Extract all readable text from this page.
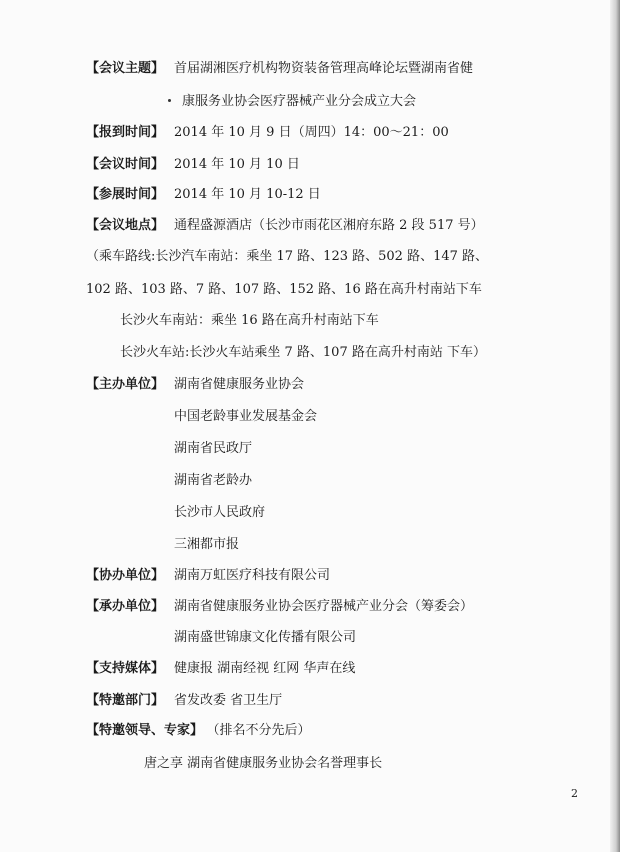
【会议主题】 首届湖湘医疗机构物资装备管理高峰论坛暨湖南省健
康服务业协会医疗器械产业分会成立大会
【报到时间】 2014 年 10 月 9 日（周四）14：00～21：00
【会议时间】 2014 年 10 月 10 日
【参展时间】 2014 年 10 月 10-12 日
【会议地点】 通程盛源酒店（长沙市雨花区湘府东路 2 段 517 号）
（乘车路线:长沙汽车南站：乘坐 17 路、123 路、502 路、147 路、
102 路、103 路、7 路、107 路、152 路、16 路在高升村南站下车
长沙火车南站：乘坐 16 路在高升村南站下车
长沙火车站:长沙火车站乘坐 7 路、107 路在高升村南站 下车）
【主办单位】 湖南省健康服务业协会
中国老龄事业发展基金会
湖南省民政厅
湖南省老龄办
长沙市人民政府
三湘都市报
【协办单位】 湖南万虹医疗科技有限公司
【承办单位】 湖南省健康服务业协会医疗器械产业分会（筹委会）
湖南盛世锦康文化传播有限公司
【支持媒体】 健康报 湖南经视 红网 华声在线
【特邀部门】 省发改委 省卫生厅
【特邀领导、专家】 （排名不分先后）
唐之享 湖南省健康服务业协会名誉理事长
2
